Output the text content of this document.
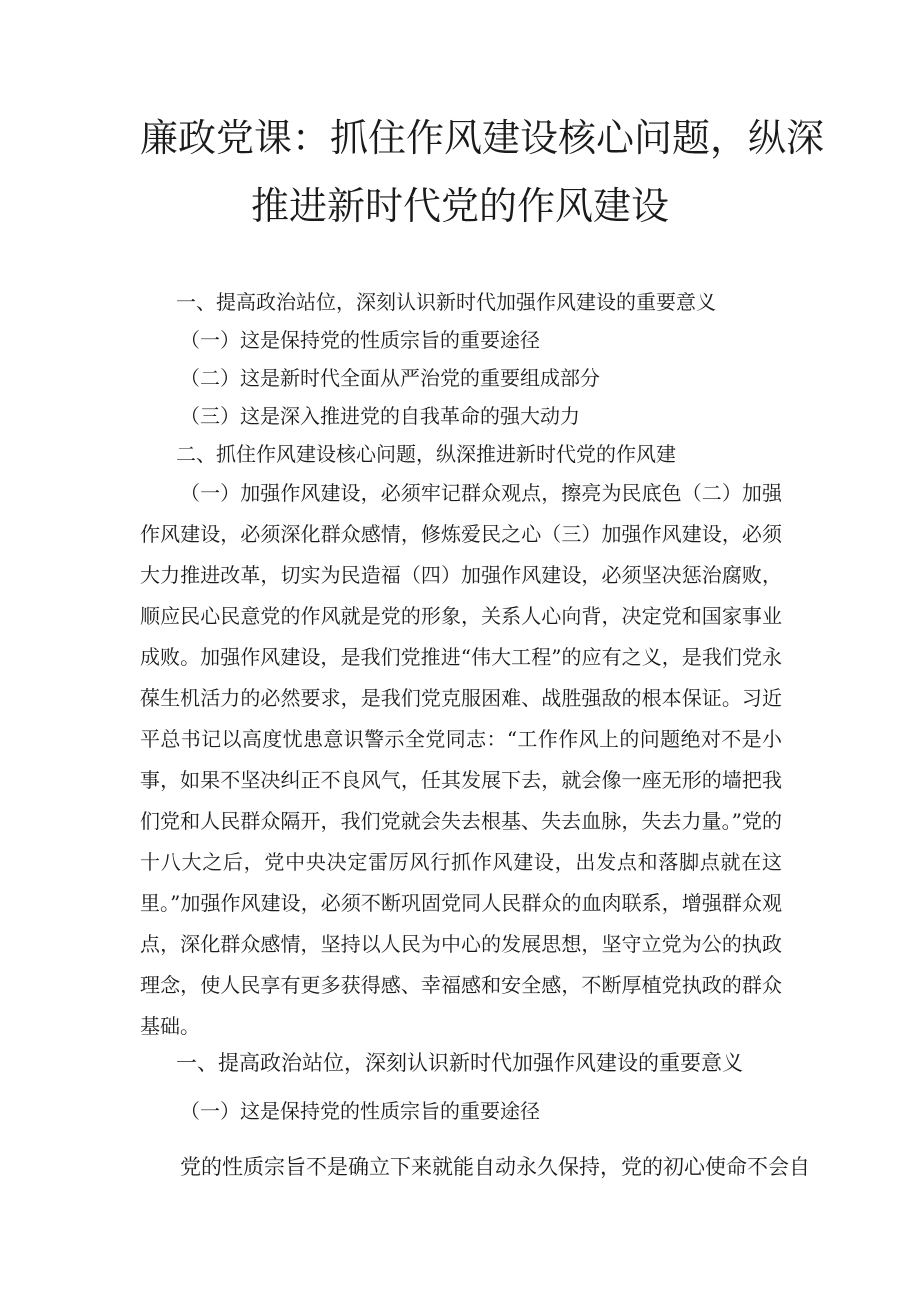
廉政党课：抓住作风建设核心问题，纵深
推进新时代党的作风建设
一、提高政治站位，深刻认识新时代加强作风建设的重要意义
（一）这是保持党的性质宗旨的重要途径
（二）这是新时代全面从严治党的重要组成部分
（三）这是深入推进党的自我革命的强大动力
二、抓住作风建设核心问题，纵深推进新时代党的作风建

（一）加强作风建设，必须牢记群众观点，擦亮为民底色（二）加强作风建设，必须深化群众感情，修炼爱民之心（三）加强作风建设，必须大力推进改革，切实为民造福（四）加强作风建设，必须坚决惩治腐败，顺应民心民意党的作风就是党的形象，关系人心向背，决定党和国家事业成败。加强作风建设，是我们党推进“伟大工程”的应有之义，是我们党永葆生机活力的必然要求，是我们党克服困难、战胜强敌的根本保证。习近平总书记以高度忧患意识警示全党同志：“工作作风上的问题绝对不是小事，如果不坚决纠正不良风气，任其发展下去，就会像一座无形的墙把我们党和人民群众隔开，我们党就会失去根基、失去血脉，失去力量。”党的十八大之后，党中央决定雷厉风行抓作风建设，出发点和落脚点就在这里。”加强作风建设，必须不断巩固党同人民群众的血肉联系，增强群众观点，深化群众感情，坚持以人民为中心的发展思想，坚守立党为公的执政理念，使人民享有更多获得感、幸福感和安全感，不断厚植党执政的群众基础。

一、提高政治站位，深刻认识新时代加强作风建设的重要意义
（一）这是保持党的性质宗旨的重要途径
党的性质宗旨不是确立下来就能自动永久保持，党的初心使命不会自
